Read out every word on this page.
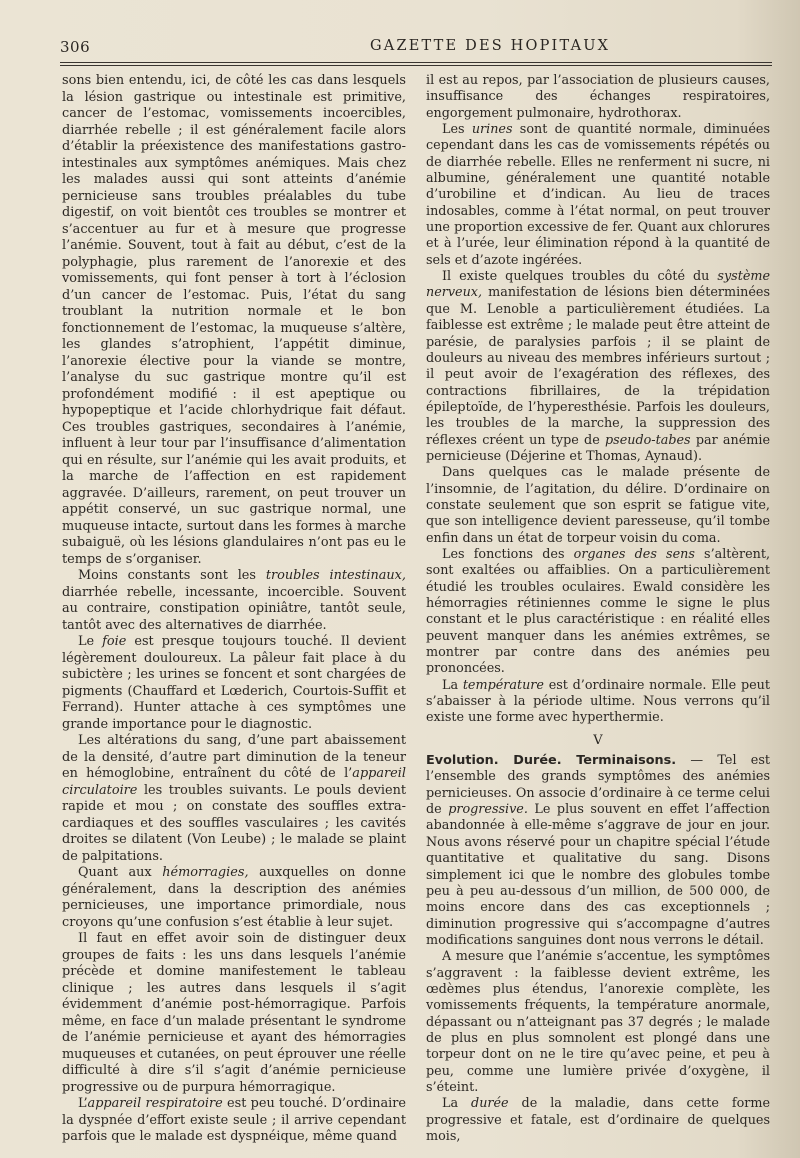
306	GAZETTE DES HOPITAUX

sons bien entendu, ici, de côté les cas dans lesquels la lésion gastrique ou intestinale est primitive, cancer de l’estomac, vomissements incoercibles, diarrhée rebelle ; il est généralement facile alors d’établir la préexistence des manifestations gastro-intestinales aux symptômes anémiques. Mais chez les malades aussi qui sont atteints d’anémie pernicieuse sans troubles préalables du tube digestif, on voit bientôt ces troubles se montrer et s’accentuer au fur et à mesure que progresse l’anémie. Souvent, tout à fait au début, c’est de la polyphagie, plus rarement de l’anorexie et des vomissements, qui font penser à tort à l’éclosion d’un cancer de l’estomac. Puis, l’état du sang troublant la nutrition normale et le bon fonctionnement de l’estomac, la muqueuse s’altère, les glandes s’atrophient, l’appétit diminue, l’anorexie élective pour la viande se montre, l’analyse du suc gastrique montre qu’il est profondément modifié : il est apeptique ou hypopeptique et l’acide chlorhydrique fait défaut. Ces troubles gastriques, secondaires à l’anémie, influent à leur tour par l’insuffisance d’alimentation qui en résulte, sur l’anémie qui les avait produits, et la marche de l’affection en est rapidement aggravée. D’ailleurs, rarement, on peut trouver un appétit conservé, un suc gastrique normal, une muqueuse intacte, surtout dans les formes à marche subaiguë, où les lésions glandulaires n’ont pas eu le temps de s’organiser.

Moins constants sont les troubles intestinaux, diarrhée rebelle, incessante, incoercible. Souvent au contraire, constipation opiniâtre, tantôt seule, tantôt avec des alternatives de diarrhée.

Le foie est presque toujours touché. Il devient légèrement douloureux. La pâleur fait place à du subictère ; les urines se foncent et sont chargées de pigments (Chauffard et Lœderich, Courtois-Suffit et Ferrand). Hunter attache à ces symptômes une grande importance pour le diagnostic.

Les altérations du sang, d’une part abaissement de la densité, d’autre part diminution de la teneur en hémoglobine, entraînent du côté de l’appareil circulatoire les troubles suivants. Le pouls devient rapide et mou ; on constate des souffles extra-cardiaques et des souffles vasculaires ; les cavités droites se dilatent (Von Leube) ; le malade se plaint de palpitations.

Quant aux hémorragies, auxquelles on donne généralement, dans la description des anémies pernicieuses, une importance primordiale, nous croyons qu’une confusion s’est établie à leur sujet.

Il faut en effet avoir soin de distinguer deux groupes de faits : les uns dans lesquels l’anémie précède et domine manifestement le tableau clinique ; les autres dans lesquels il s’agit évidemment d’anémie post-hémorragique. Parfois même, en face d’un malade présentant le syndrome de l’anémie pernicieuse et ayant des hémorragies muqueuses et cutanées, on peut éprouver une réelle difficulté à dire s’il s’agit d’anémie pernicieuse progressive ou de purpura hémorragique.

L’appareil respiratoire est peu touché. D’ordinaire la dyspnée d’effort existe seule ; il arrive cependant parfois que le malade est dyspnéique, même quand

il est au repos, par l’association de plusieurs causes, insuffisance des échanges respiratoires, engorgement pulmonaire, hydrothorax.

Les urines sont de quantité normale, diminuées cependant dans les cas de vomissements répétés ou de diarrhée rebelle. Elles ne renferment ni sucre, ni albumine, généralement une quantité notable d’urobiline et d’indican. Au lieu de traces indosables, comme à l’état normal, on peut trouver une proportion excessive de fer. Quant aux chlorures et à l’urée, leur élimination répond à la quantité de sels et d’azote ingérées.

Il existe quelques troubles du côté du système nerveux, manifestation de lésions bien déterminées que M. Lenoble a particulièrement étudiées. La faiblesse est extrême ; le malade peut être atteint de parésie, de paralysies parfois ; il se plaint de douleurs au niveau des membres inférieurs surtout ; il peut avoir de l’exagération des réflexes, des contractions fibrillaires, de la trépidation épileptoïde, de l’hyperesthésie. Parfois les douleurs, les troubles de la marche, la suppression des réflexes créent un type de pseudo-tabes par anémie pernicieuse (Déjerine et Thomas, Aynaud).

Dans quelques cas le malade présente de l’insomnie, de l’agitation, du délire. D’ordinaire on constate seulement que son esprit se fatigue vite, que son intelligence devient paresseuse, qu’il tombe enfin dans un état de torpeur voisin du coma.

Les fonctions des organes des sens s’altèrent, sont exaltées ou affaiblies. On a particulièrement étudié les troubles oculaires. Ewald considère les hémorragies rétiniennes comme le signe le plus constant et le plus caractéristique : en réalité elles peuvent manquer dans les anémies extrêmes, se montrer par contre dans des anémies peu prononcées.

La température est d’ordinaire normale. Elle peut s’abaisser à la période ultime. Nous verrons qu’il existe une forme avec hyperthermie.

V

Evolution. Durée. Terminaisons. — Tel est l’ensemble des grands symptômes des anémies pernicieuses. On associe d’ordinaire à ce terme celui de progressive. Le plus souvent en effet l’affection abandonnée à elle-même s’aggrave de jour en jour. Nous avons réservé pour un chapitre spécial l’étude quantitative et qualitative du sang. Disons simplement ici que le nombre des globules tombe peu à peu au-dessous d’un million, de 500 000, de moins encore dans des cas exceptionnels ; diminution progressive qui s’accompagne d’autres modifications sanguines dont nous verrons le détail.

A mesure que l’anémie s’accentue, les symptômes s’aggravent : la faiblesse devient extrême, les œdèmes plus étendus, l’anorexie complète, les vomissements fréquents, la température anormale, dépassant ou n’atteignant pas 37 degrés ; le malade de plus en plus somnolent est plongé dans une torpeur dont on ne le tire qu’avec peine, et peu à peu, comme une lumière privée d’oxygène, il s’éteint.

La durée de la maladie, dans cette forme progressive et fatale, est d’ordinaire de quelques mois,
